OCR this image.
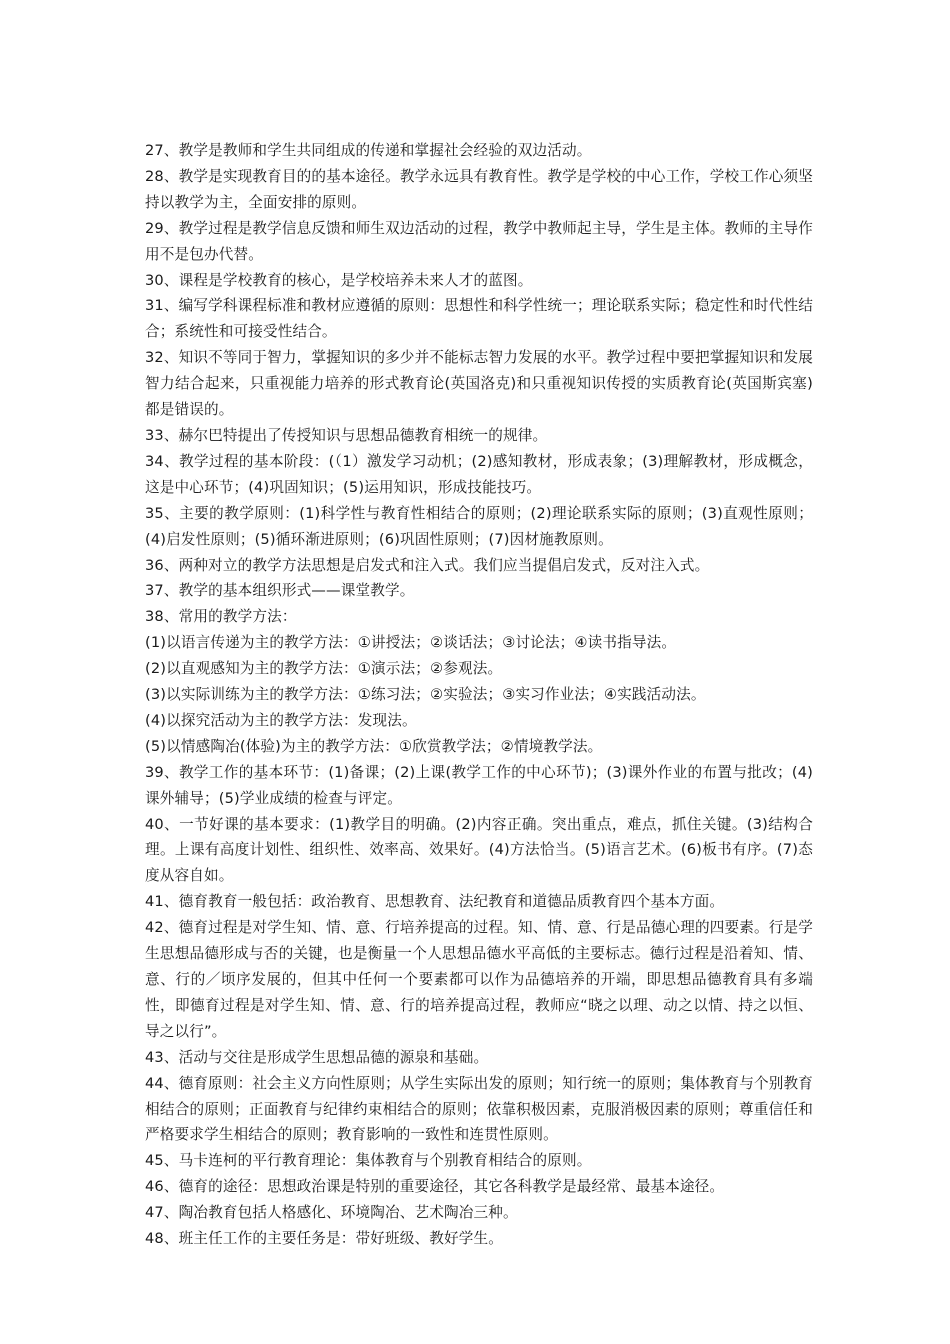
27、教学是教师和学生共同组成的传递和掌握社会经验的双边活动。

28、教学是实现教育目的的基本途径。教学永远具有教育性。教学是学校的中心工作，学校工作心须坚持以教学为主，全面安排的原则。

29、教学过程是教学信息反馈和师生双边活动的过程，教学中教师起主导，学生是主体。教师的主导作用不是包办代替。

30、课程是学校教育的核心，是学校培养未来人才的蓝图。

31、编写学科课程标准和教材应遵循的原则：思想性和科学性统一；理论联系实际；稳定性和时代性结合；系统性和可接受性结合。

32、知识不等同于智力，掌握知识的多少并不能标志智力发展的水平。教学过程中要把掌握知识和发展智力结合起来，只重视能力培养的形式教育论(英国洛克)和只重视知识传授的实质教育论(英国斯宾塞)都是错误的。

33、赫尔巴特提出了传授知识与思想品德教育相统一的规律。

34、教学过程的基本阶段：(（1）激发学习动机；(2)感知教材，形成表象；(3)理解教材，形成概念，这是中心环节；(4)巩固知识；(5)运用知识，形成技能技巧。

35、主要的教学原则：(1)科学性与教育性相结合的原则；(2)理论联系实际的原则；(3)直观性原则；(4)启发性原则；(5)循环渐进原则；(6)巩固性原则；(7)因材施教原则。

36、两种对立的教学方法思想是启发式和注入式。我们应当提倡启发式，反对注入式。

37、教学的基本组织形式——课堂教学。

38、常用的教学方法：

(1)以语言传递为主的教学方法：①讲授法；②谈话法；③讨论法；④读书指导法。

(2)以直观感知为主的教学方法：①演示法；②参观法。

(3)以实际训练为主的教学方法：①练习法；②实验法；③实习作业法；④实践活动法。

(4)以探究活动为主的教学方法：发现法。

(5)以情感陶冶(体验)为主的教学方法：①欣赏教学法；②情境教学法。

39、教学工作的基本环节：(1)备课；(2)上课(教学工作的中心环节)；(3)课外作业的布置与批改；(4)课外辅导；(5)学业成绩的检查与评定。

40、一节好课的基本要求：(1)教学目的明确。(2)内容正确。突出重点，难点，抓住关键。(3)结构合理。上课有高度计划性、组织性、效率高、效果好。(4)方法恰当。(5)语言艺术。(6)板书有序。(7)态度从容自如。

41、德育教育一般包括：政治教育、思想教育、法纪教育和道德品质教育四个基本方面。

42、德育过程是对学生知、情、意、行培养提高的过程。知、情、意、行是品德心理的四要素。行是学生思想品德形成与否的关键，也是衡量一个人思想品德水平高低的主要标志。德行过程是沿着知、情、意、行的／顷序发展的，但其中任何一个要素都可以作为品德培养的开端，即思想品德教育具有多端性，即德育过程是对学生知、情、意、行的培养提高过程，教师应“晓之以理、动之以情、持之以恒、导之以行”。

43、活动与交往是形成学生思想品德的源泉和基础。

44、德育原则：社会主义方向性原则；从学生实际出发的原则；知行统一的原则；集体教育与个别教育相结合的原则；正面教育与纪律约束相结合的原则；依靠积极因素，克服消极因素的原则；尊重信任和严格要求学生相结合的原则；教育影响的一致性和连贯性原则。

45、马卡连柯的平行教育理论：集体教育与个别教育相结合的原则。

46、德育的途径：思想政治课是特别的重要途径，其它各科教学是最经常、最基本途径。

47、陶冶教育包括人格感化、环境陶冶、艺术陶冶三种。

48、班主任工作的主要任务是：带好班级、教好学生。
